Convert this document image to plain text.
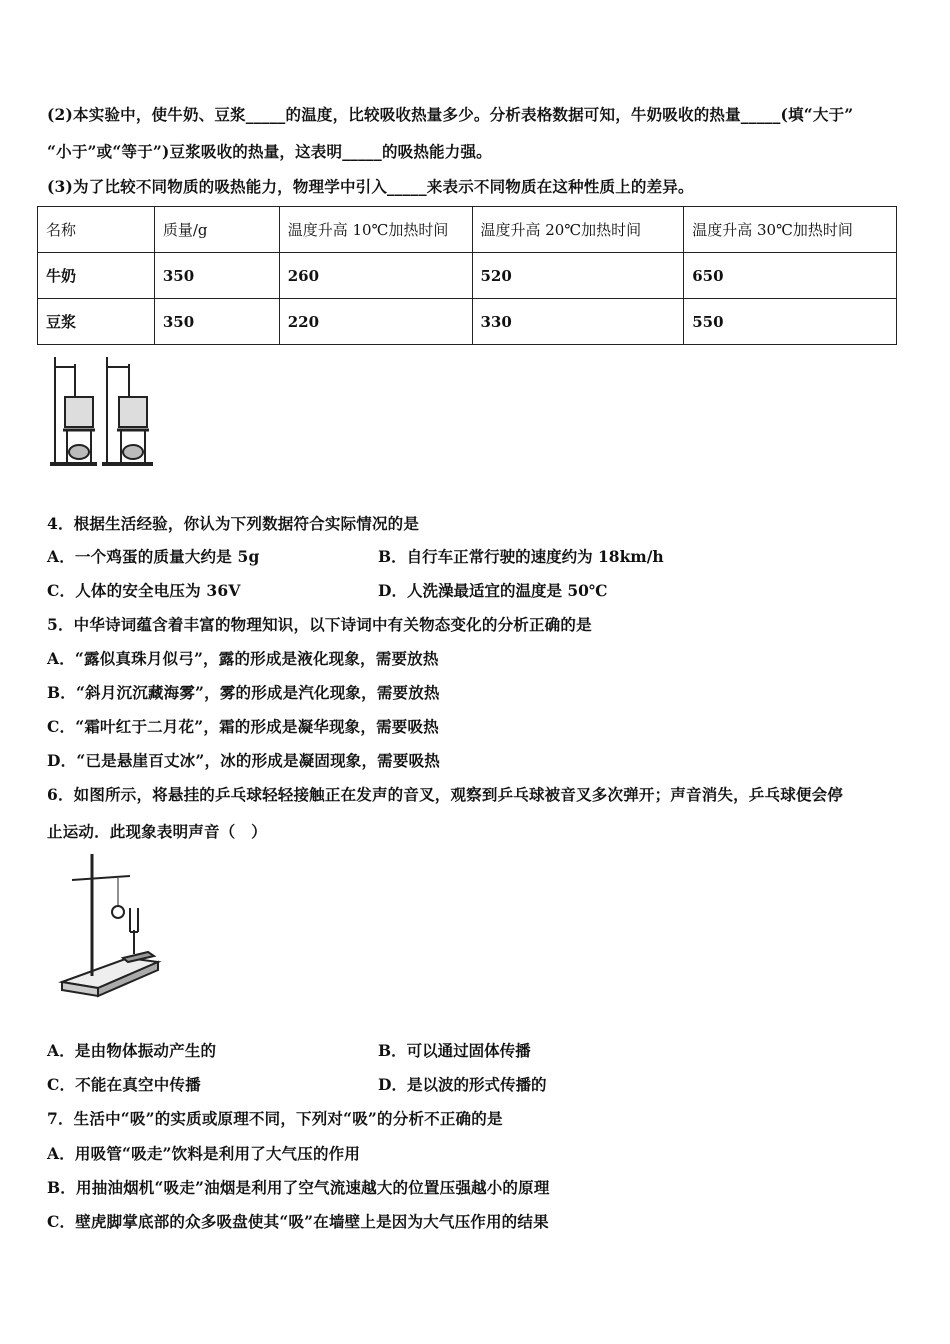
(2)本实验中，使牛奶、豆浆_____的温度，比较吸收热量多少。分析表格数据可知，牛奶吸收的热量_____(填“大于”
“小于”或“等于”)豆浆吸收的热量，这表明_____的吸热能力强。
(3)为了比较不同物质的吸热能力，物理学中引入_____来表示不同物质在这种性质上的差异。
名称	质量/g	温度升高 10℃加热时间	温度升高 20℃加热时间	温度升高 30℃加热时间
牛奶	350	260	520	650
豆浆	350	220	330	550
4．根据生活经验，你认为下列数据符合实际情况的是
A．一个鸡蛋的质量大约是 5g	B．自行车正常行驶的速度约为 18km/h
C．人体的安全电压为 36V	D．人洗澡最适宜的温度是 50℃
5．中华诗词蕴含着丰富的物理知识，以下诗词中有关物态变化的分析正确的是
A．“露似真珠月似弓”，露的形成是液化现象，需要放热
B．“斜月沉沉藏海雾”，雾的形成是汽化现象，需要放热
C．“霜叶红于二月花”，霜的形成是凝华现象，需要吸热
D．“已是悬崖百丈冰”，冰的形成是凝固现象，需要吸热
6．如图所示，将悬挂的乒乓球轻轻接触正在发声的音叉，观察到乒乓球被音叉多次弹开；声音消失，乒乓球便会停
止运动．此现象表明声音（　）
A．是由物体振动产生的	B．可以通过固体传播
C．不能在真空中传播	D．是以波的形式传播的
7．生活中“吸”的实质或原理不同，下列对“吸”的分析不正确的是
A．用吸管“吸走”饮料是利用了大气压的作用
B．用抽油烟机“吸走”油烟是利用了空气流速越大的位置压强越小的原理
C．壁虎脚掌底部的众多吸盘使其“吸”在墙壁上是因为大气压作用的结果
